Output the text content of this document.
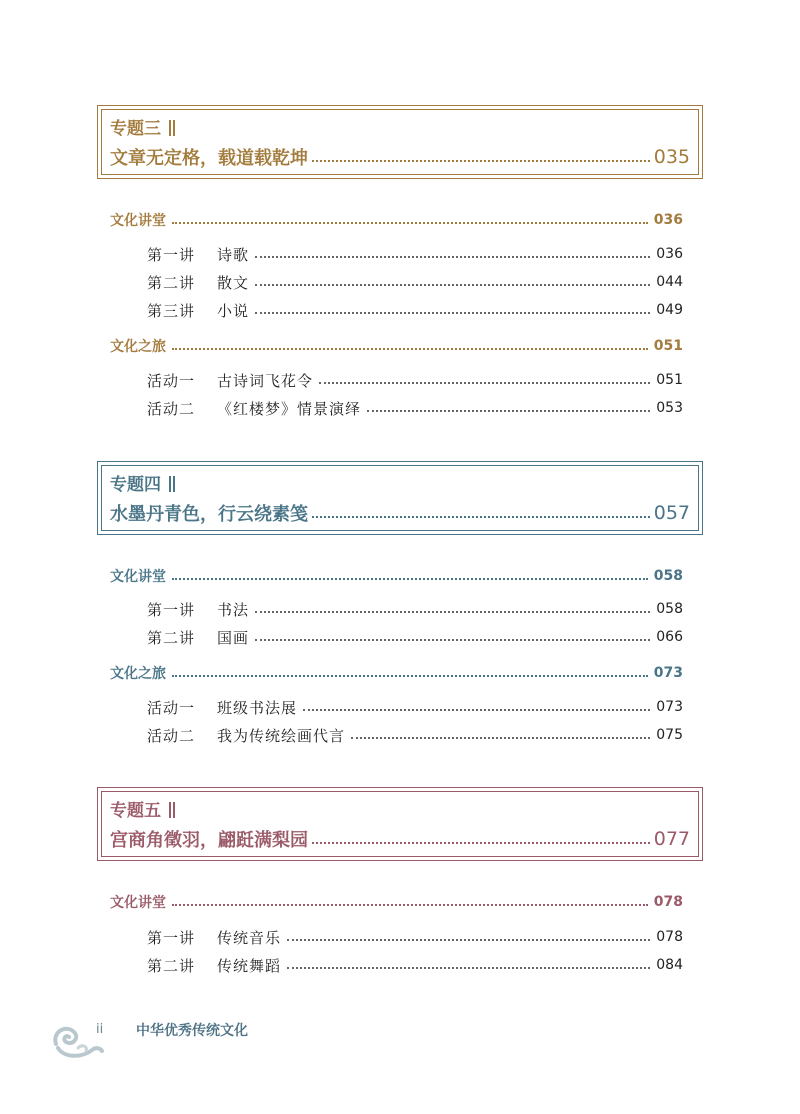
专题三
文章无定格，载道载乾坤	035
文化讲堂	036
第一讲	诗歌	036
第二讲	散文	044
第三讲	小说	049
文化之旅	051
活动一	古诗词飞花令	051
活动二	《红楼梦》情景演绎	053
专题四
水墨丹青色，行云绕素笺	057
文化讲堂	058
第一讲	书法	058
第二讲	国画	066
文化之旅	073
活动一	班级书法展	073
活动二	我为传统绘画代言	075
专题五
宫商角徵羽，翩跹满梨园	077
文化讲堂	078
第一讲	传统音乐	078
第二讲	传统舞蹈	084
ii 中华优秀传统文化
